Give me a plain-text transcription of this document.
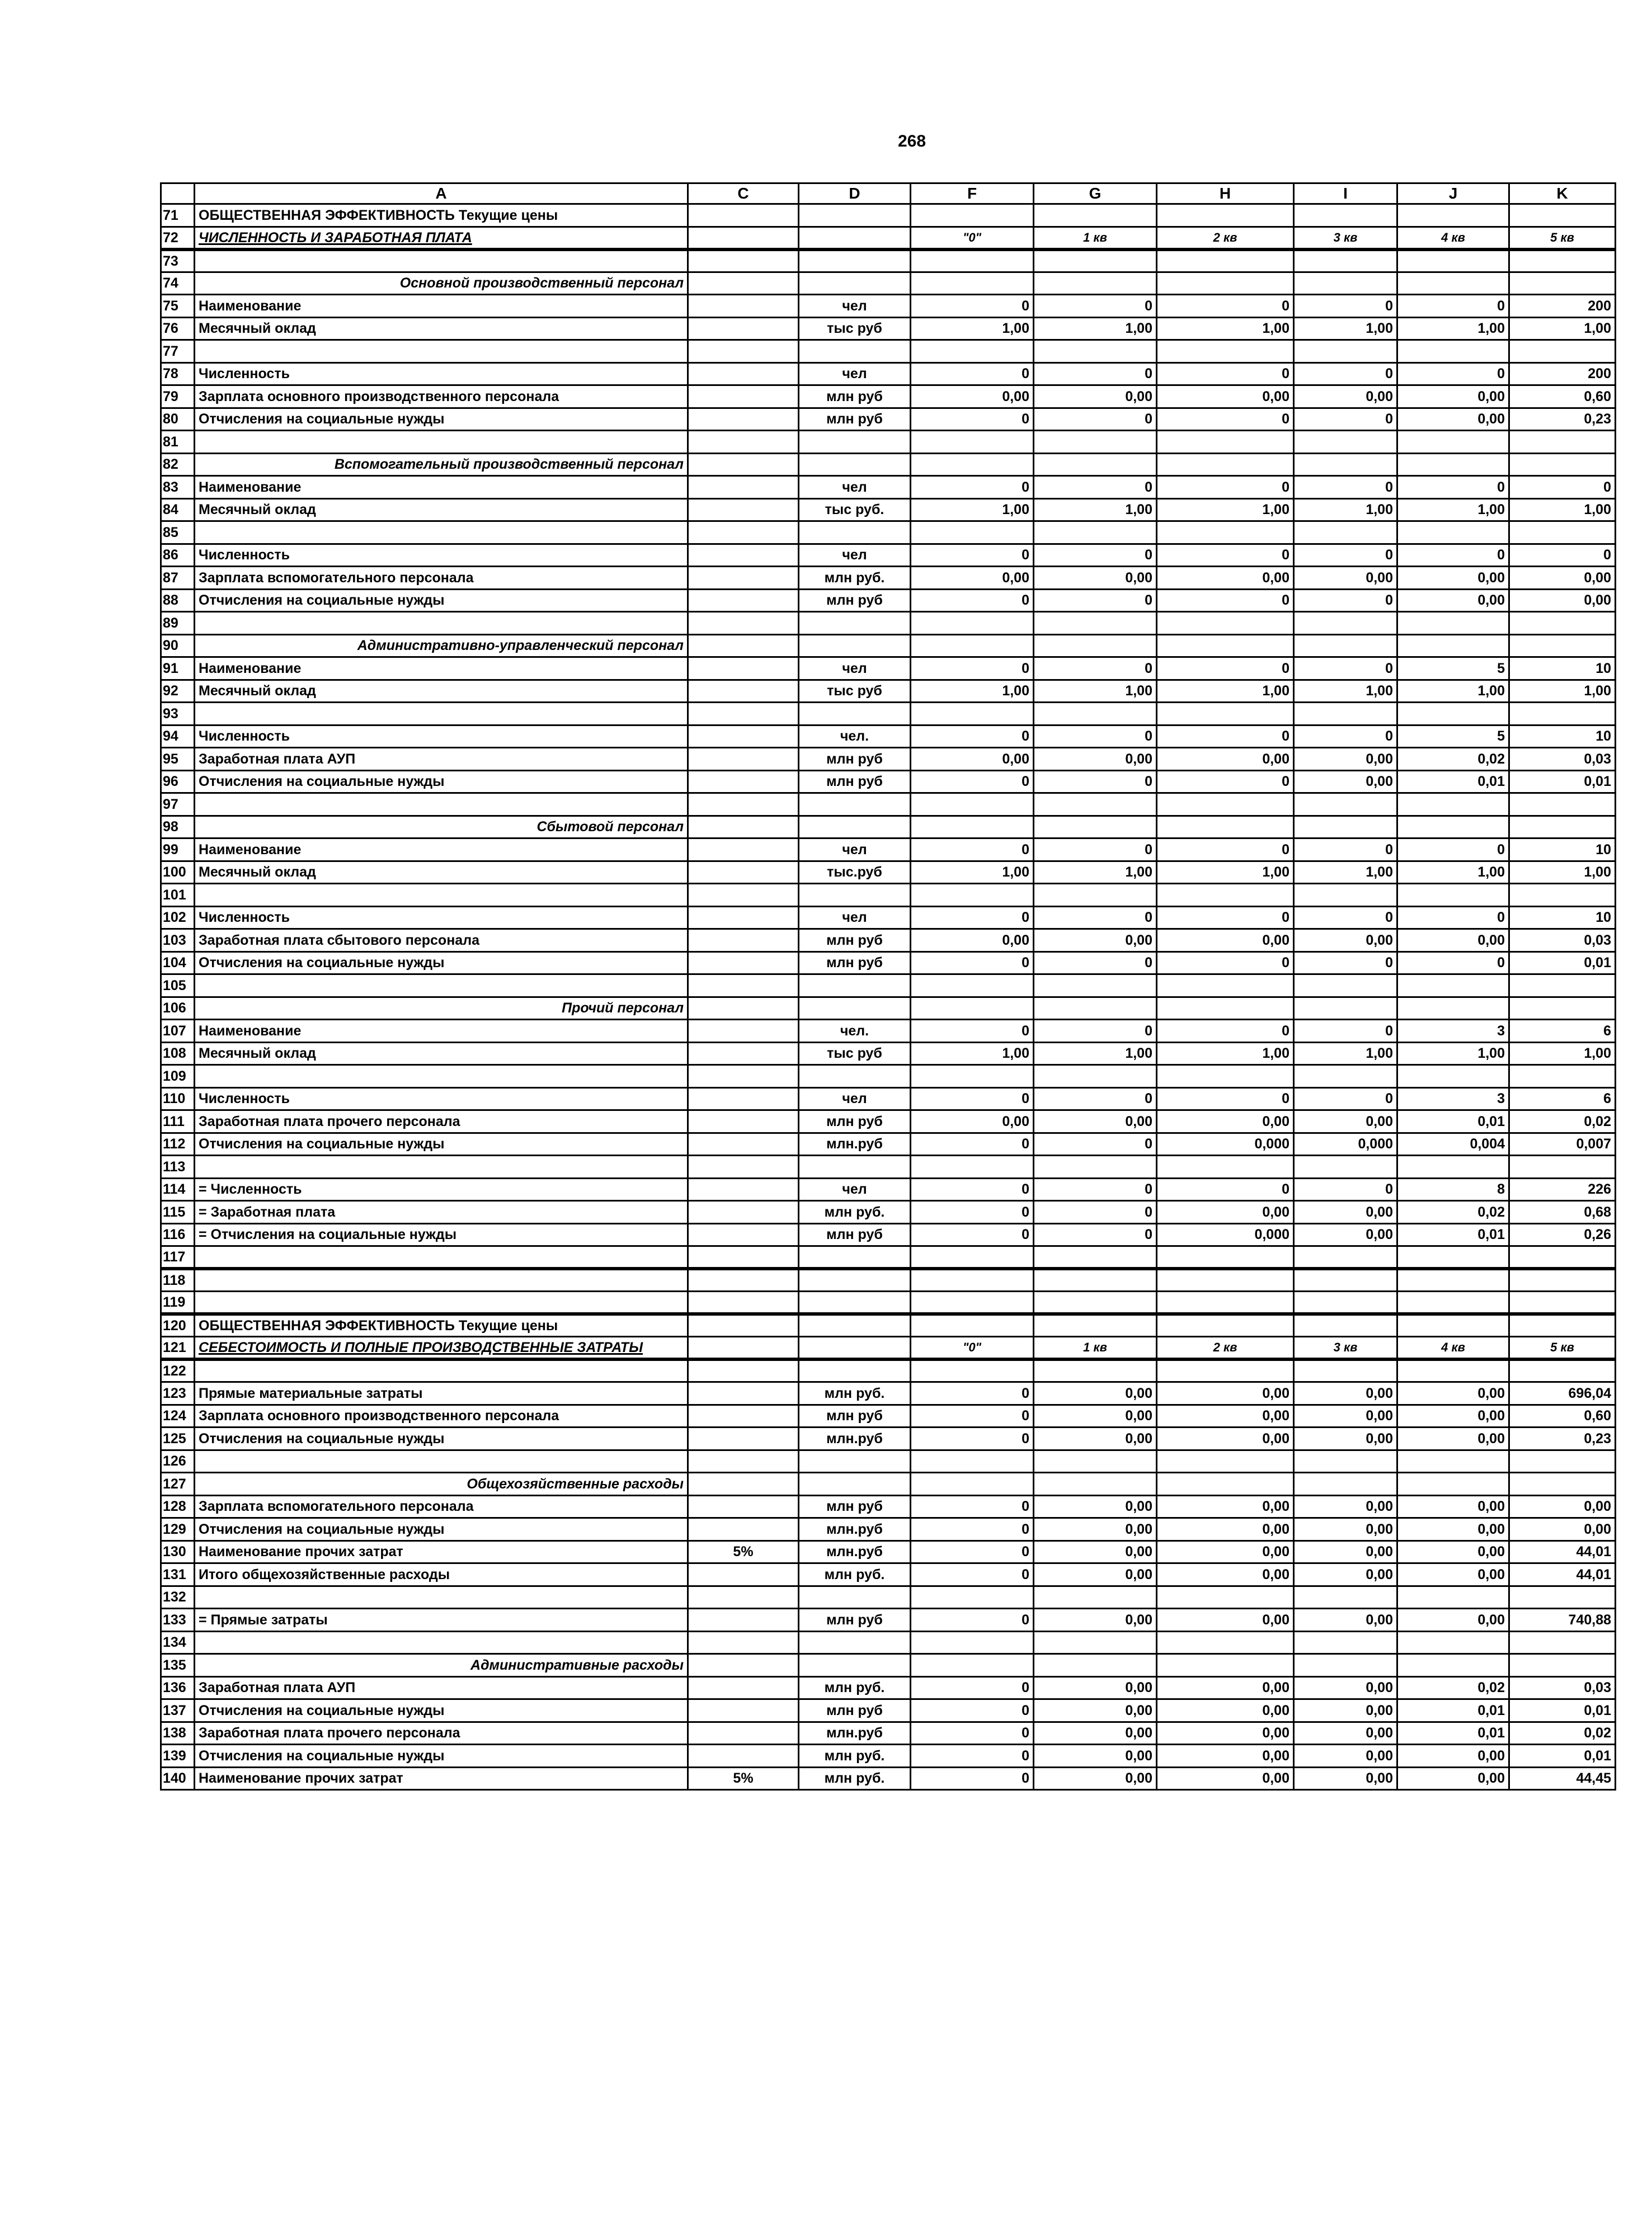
268
	A	C	D	F	G	H	I	J	K
71	ОБЩЕСТВЕННАЯ ЭФФЕКТИВНОСТЬ Текущие цены								
72	ЧИСЛЕННОСТЬ И ЗАРАБОТНАЯ ПЛАТА			"0"	1 кв	2 кв	3 кв	4 кв	5 кв
73									
74	Основной производственный персонал								
75	Наименование		чел	0	0	0	0	0	200
76	Месячный оклад		тыс руб	1,00	1,00	1,00	1,00	1,00	1,00
77									
78	Численность		чел	0	0	0	0	0	200
79	Зарплата основного производственного персонала		млн руб	0,00	0,00	0,00	0,00	0,00	0,60
80	Отчисления на социальные нужды		млн руб	0	0	0	0	0,00	0,23
81									
82	Вспомогательный производственный персонал								
83	Наименование		чел	0	0	0	0	0	0
84	Месячный оклад		тыс руб.	1,00	1,00	1,00	1,00	1,00	1,00
85									
86	Численность		чел	0	0	0	0	0	0
87	Зарплата вспомогательного персонала		млн руб.	0,00	0,00	0,00	0,00	0,00	0,00
88	Отчисления на социальные нужды		млн руб	0	0	0	0	0,00	0,00
89									
90	Административно-управленческий персонал								
91	Наименование		чел	0	0	0	0	5	10
92	Месячный оклад		тыс руб	1,00	1,00	1,00	1,00	1,00	1,00
93									
94	Численность		чел.	0	0	0	0	5	10
95	Заработная плата АУП		млн руб	0,00	0,00	0,00	0,00	0,02	0,03
96	Отчисления на социальные нужды		млн руб	0	0	0	0,00	0,01	0,01
97									
98	Сбытовой персонал								
99	Наименование		чел	0	0	0	0	0	10
100	Месячный оклад		тыс.руб	1,00	1,00	1,00	1,00	1,00	1,00
101									
102	Численность		чел	0	0	0	0	0	10
103	Заработная плата сбытового персонала		млн руб	0,00	0,00	0,00	0,00	0,00	0,03
104	Отчисления на социальные нужды		млн руб	0	0	0	0	0	0,01
105									
106	Прочий персонал								
107	Наименование		чел.	0	0	0	0	3	6
108	Месячный оклад		тыс руб	1,00	1,00	1,00	1,00	1,00	1,00
109									
110	Численность		чел	0	0	0	0	3	6
111	Заработная плата прочего персонала		млн руб	0,00	0,00	0,00	0,00	0,01	0,02
112	Отчисления на социальные нужды		млн.руб	0	0	0,000	0,000	0,004	0,007
113									
114	= Численность		чел	0	0	0	0	8	226
115	= Заработная плата		млн руб.	0	0	0,00	0,00	0,02	0,68
116	= Отчисления на социальные нужды		млн руб	0	0	0,000	0,00	0,01	0,26
117									
118									
119									
120	ОБЩЕСТВЕННАЯ ЭФФЕКТИВНОСТЬ Текущие цены								
121	СЕБЕСТОИМОСТЬ И ПОЛНЫЕ ПРОИЗВОДСТВЕННЫЕ ЗАТРАТЫ			"0"	1 кв	2 кв	3 кв	4 кв	5 кв
122									
123	Прямые материальные затраты		млн руб.	0	0,00	0,00	0,00	0,00	696,04
124	Зарплата основного производственного персонала		млн руб	0	0,00	0,00	0,00	0,00	0,60
125	Отчисления на социальные нужды		млн.руб	0	0,00	0,00	0,00	0,00	0,23
126									
127	Общехозяйственные расходы								
128	Зарплата вспомогательного персонала		млн руб	0	0,00	0,00	0,00	0,00	0,00
129	Отчисления на социальные нужды		млн.руб	0	0,00	0,00	0,00	0,00	0,00
130	Наименование прочих затрат	5%	млн.руб	0	0,00	0,00	0,00	0,00	44,01
131	Итого общехозяйственные расходы		млн руб.	0	0,00	0,00	0,00	0,00	44,01
132									
133	= Прямые затраты		млн руб	0	0,00	0,00	0,00	0,00	740,88
134									
135	Административные расходы								
136	Заработная плата АУП		млн руб.	0	0,00	0,00	0,00	0,02	0,03
137	Отчисления на социальные нужды		млн руб	0	0,00	0,00	0,00	0,01	0,01
138	Заработная плата прочего персонала		млн.руб	0	0,00	0,00	0,00	0,01	0,02
139	Отчисления на социальные нужды		млн руб.	0	0,00	0,00	0,00	0,00	0,01
140	Наименование прочих затрат	5%	млн руб.	0	0,00	0,00	0,00	0,00	44,45
